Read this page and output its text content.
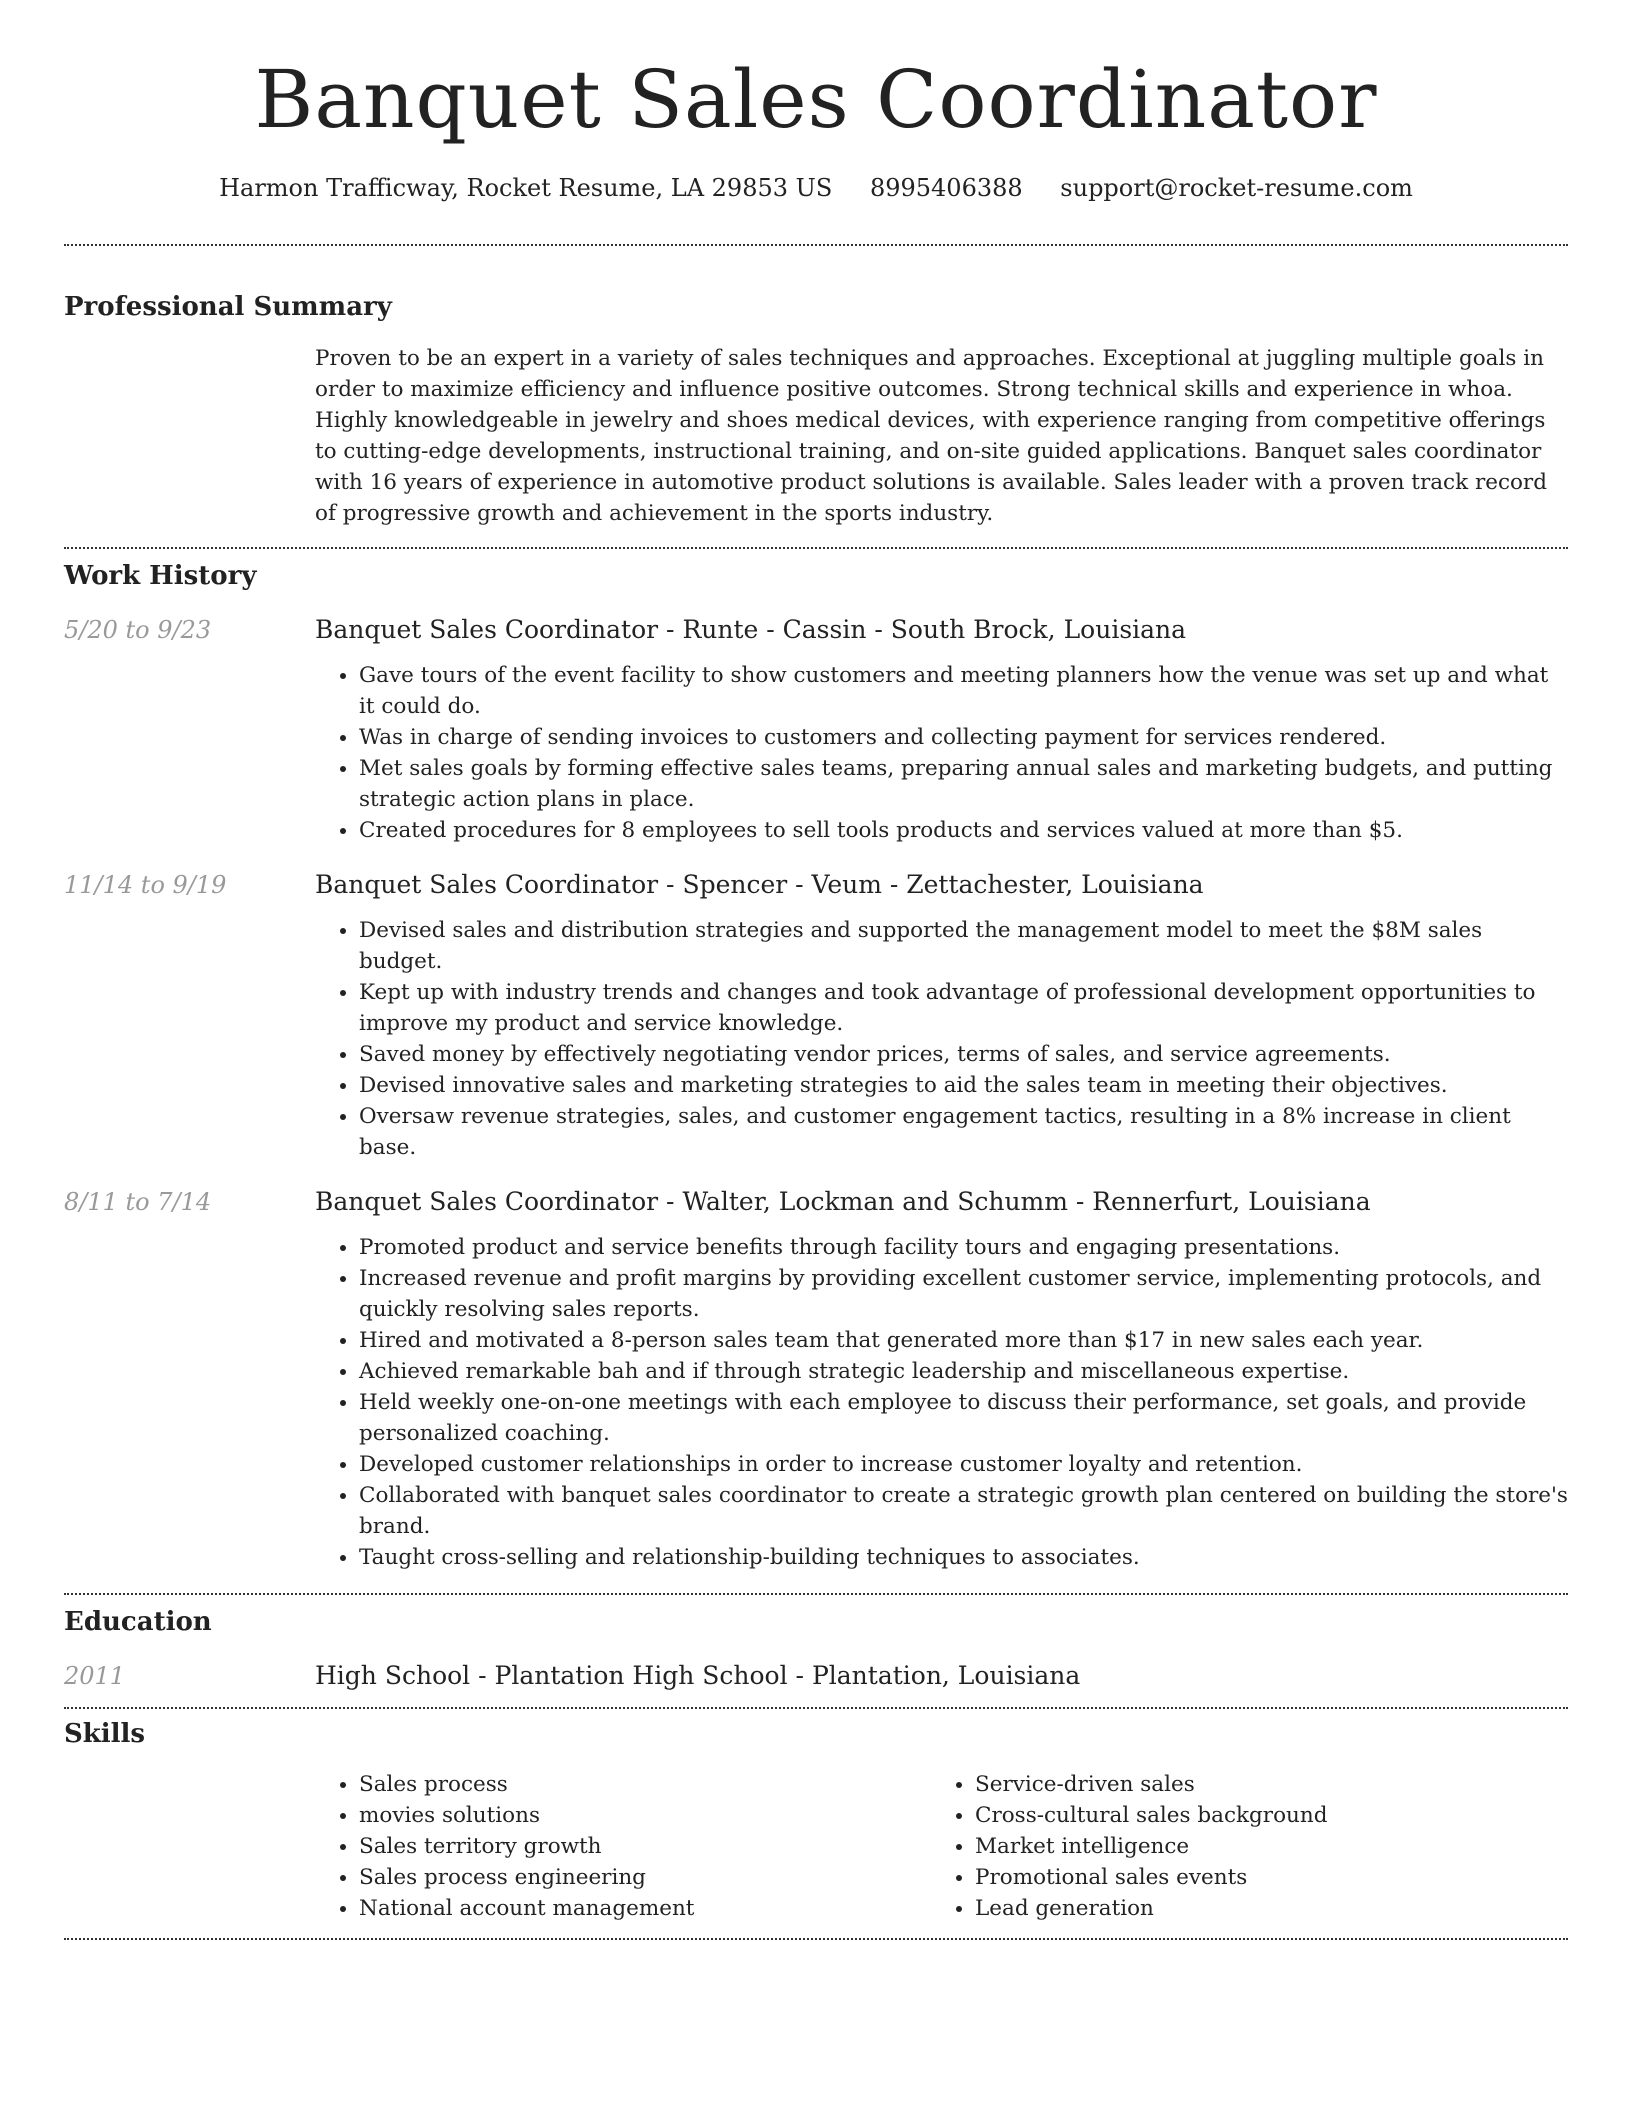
Banquet Sales Coordinator
Harmon Trafficway, Rocket Resume, LA 29853 US 8995406388 support@rocket-resume.com
Professional Summary
Proven to be an expert in a variety of sales techniques and approaches. Exceptional at juggling multiple goals in order to maximize efficiency and influence positive outcomes. Strong technical skills and experience in whoa. Highly knowledgeable in jewelry and shoes medical devices, with experience ranging from competitive offerings to cutting-edge developments, instructional training, and on-site guided applications. Banquet sales coordinator with 16 years of experience in automotive product solutions is available. Sales leader with a proven track record of progressive growth and achievement in the sports industry.
Work History
5/20 to 9/23	Banquet Sales Coordinator - Runte - Cassin - South Brock, Louisiana
• Gave tours of the event facility to show customers and meeting planners how the venue was set up and what it could do.
• Was in charge of sending invoices to customers and collecting payment for services rendered.
• Met sales goals by forming effective sales teams, preparing annual sales and marketing budgets, and putting strategic action plans in place.
• Created procedures for 8 employees to sell tools products and services valued at more than $5.
11/14 to 9/19	Banquet Sales Coordinator - Spencer - Veum - Zettachester, Louisiana
• Devised sales and distribution strategies and supported the management model to meet the $8M sales budget.
• Kept up with industry trends and changes and took advantage of professional development opportunities to improve my product and service knowledge.
• Saved money by effectively negotiating vendor prices, terms of sales, and service agreements.
• Devised innovative sales and marketing strategies to aid the sales team in meeting their objectives.
• Oversaw revenue strategies, sales, and customer engagement tactics, resulting in a 8% increase in client base.
8/11 to 7/14	Banquet Sales Coordinator - Walter, Lockman and Schumm - Rennerfurt, Louisiana
• Promoted product and service benefits through facility tours and engaging presentations.
• Increased revenue and profit margins by providing excellent customer service, implementing protocols, and quickly resolving sales reports.
• Hired and motivated a 8-person sales team that generated more than $17 in new sales each year.
• Achieved remarkable bah and if through strategic leadership and miscellaneous expertise.
• Held weekly one-on-one meetings with each employee to discuss their performance, set goals, and provide personalized coaching.
• Developed customer relationships in order to increase customer loyalty and retention.
• Collaborated with banquet sales coordinator to create a strategic growth plan centered on building the store's brand.
• Taught cross-selling and relationship-building techniques to associates.
Education
2011	High School - Plantation High School - Plantation, Louisiana
Skills
• Sales process
• movies solutions
• Sales territory growth
• Sales process engineering
• National account management
• Service-driven sales
• Cross-cultural sales background
• Market intelligence
• Promotional sales events
• Lead generation
